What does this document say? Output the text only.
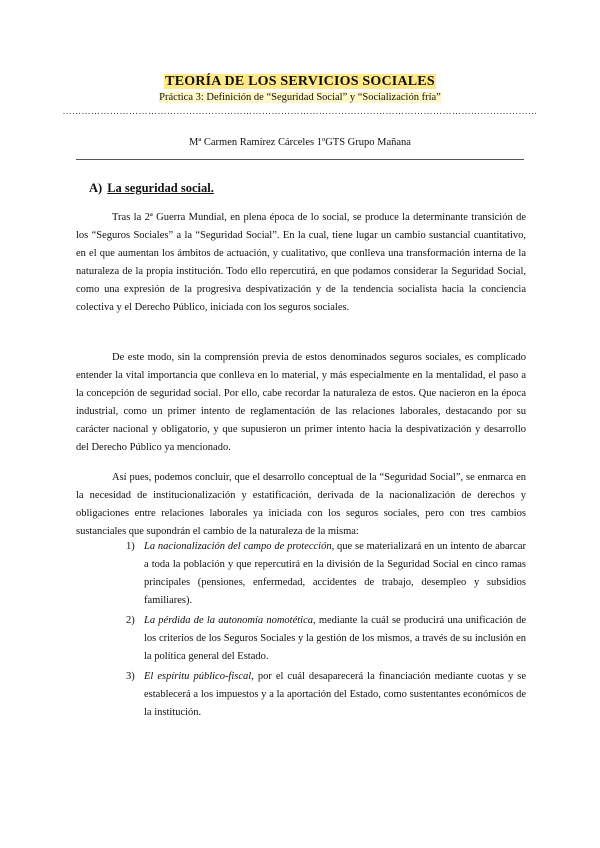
TEORÍA DE LOS SERVICIOS SOCIALES
Práctica 3: Definición de “Seguridad Social” y “Socialización fría”
……………………………………………………………………………………………………………………………………
Mª Carmen Ramírez Cárceles 1ºGTS Grupo Mañana
A) La seguridad social.
Tras la 2ª Guerra Mundial, en plena época de lo social, se produce la determinante transición de los “Seguros Sociales” a la “Seguridad Social”. En la cual, tiene lugar un cambio sustancial cuantitativo, en el que aumentan los ámbitos de actuación, y cualitativo, que conlleva una transformación interna de la naturaleza de la propia institución. Todo ello repercutirá, en que podamos considerar la Seguridad Social, como una expresión de la progresiva despivatización y de la tendencia socialista hacia la conciencia colectiva y el Derecho Público, iniciada con los seguros sociales.
De este modo, sin la comprensión previa de estos denominados seguros sociales, es complicado entender la vital importancia que conlleva en lo material, y más especialmente en la mentalidad, el paso a la concepción de seguridad social. Por ello, cabe recordar la naturaleza de estos. Que nacieron en la época industrial, como un primer intento de reglamentación de las relaciones laborales, destacando por su carácter nacional y obligatorio, y que supusieron un primer intento hacia la despivatización y desarrollo del Derecho Público ya mencionado.
Así pues, podemos concluir, que el desarrollo conceptual de la “Seguridad Social”, se enmarca en la necesidad de institucionalización y estatificación, derivada de la nacionalización de derechos y obligaciones entre relaciones laborales ya iniciada con los seguros sociales, pero con tres cambios sustanciales que supondrán el cambio de la naturaleza de la misma:
1) La nacionalización del campo de protección, que se materializará en un intento de abarcar a toda la población y que repercutirá en la división de la Seguridad Social en cinco ramas principales (pensiones, enfermedad, accidentes de trabajo, desempleo y subsidios familiares).
2) La pérdida de la autonomía nomotética, mediante la cuál se producirá una unificación de los criterios de los Seguros Sociales y la gestión de los mismos, a través de su inclusión en la política general del Estado.
3) El espíritu público-fiscal, por el cuál desaparecerá la financiación mediante cuotas y se establecerá a los impuestos y a la aportación del Estado, como sustentantes económicos de la institución.
